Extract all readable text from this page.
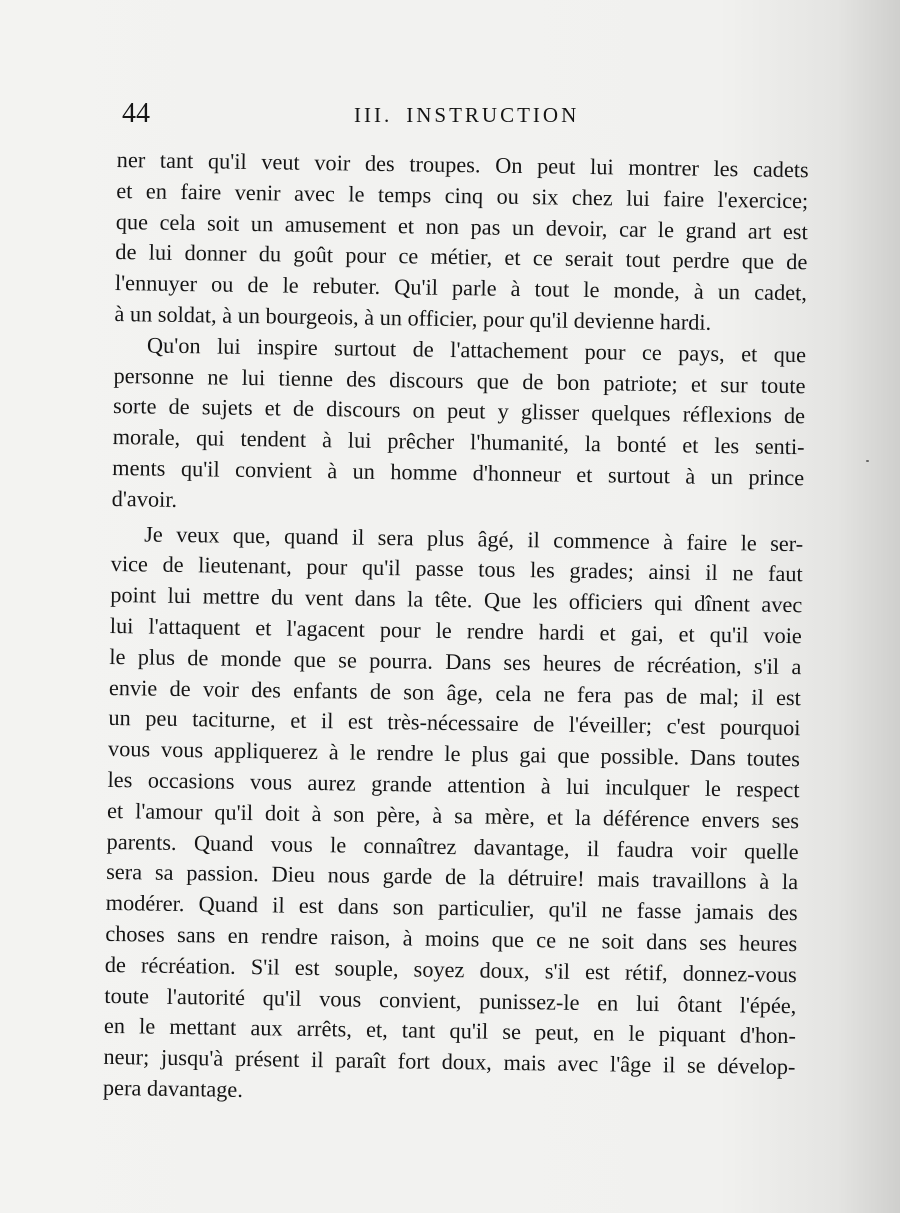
44	III. INSTRUCTION
ner tant qu'il veut voir des troupes. On peut lui montrer les cadets
et en faire venir avec le temps cinq ou six chez lui faire l'exercice;
que cela soit un amusement et non pas un devoir, car le grand art est
de lui donner du goût pour ce métier, et ce serait tout perdre que de
l'ennuyer ou de le rebuter. Qu'il parle à tout le monde, à un cadet,
à un soldat, à un bourgeois, à un officier, pour qu'il devienne hardi.
Qu'on lui inspire surtout de l'attachement pour ce pays, et que
personne ne lui tienne des discours que de bon patriote; et sur toute
sorte de sujets et de discours on peut y glisser quelques réflexions de
morale, qui tendent à lui prêcher l'humanité, la bonté et les senti-
ments qu'il convient à un homme d'honneur et surtout à un prince
d'avoir.
Je veux que, quand il sera plus âgé, il commence à faire le ser-
vice de lieutenant, pour qu'il passe tous les grades; ainsi il ne faut
point lui mettre du vent dans la tête. Que les officiers qui dînent avec
lui l'attaquent et l'agacent pour le rendre hardi et gai, et qu'il voie
le plus de monde que se pourra. Dans ses heures de récréation, s'il a
envie de voir des enfants de son âge, cela ne fera pas de mal; il est
un peu taciturne, et il est très-nécessaire de l'éveiller; c'est pourquoi
vous vous appliquerez à le rendre le plus gai que possible. Dans toutes
les occasions vous aurez grande attention à lui inculquer le respect
et l'amour qu'il doit à son père, à sa mère, et la déférence envers ses
parents. Quand vous le connaîtrez davantage, il faudra voir quelle
sera sa passion. Dieu nous garde de la détruire! mais travaillons à la
modérer. Quand il est dans son particulier, qu'il ne fasse jamais des
choses sans en rendre raison, à moins que ce ne soit dans ses heures
de récréation. S'il est souple, soyez doux, s'il est rétif, donnez-vous
toute l'autorité qu'il vous convient, punissez-le en lui ôtant l'épée,
en le mettant aux arrêts, et, tant qu'il se peut, en le piquant d'hon-
neur; jusqu'à présent il paraît fort doux, mais avec l'âge il se dévelop-
pera davantage.
